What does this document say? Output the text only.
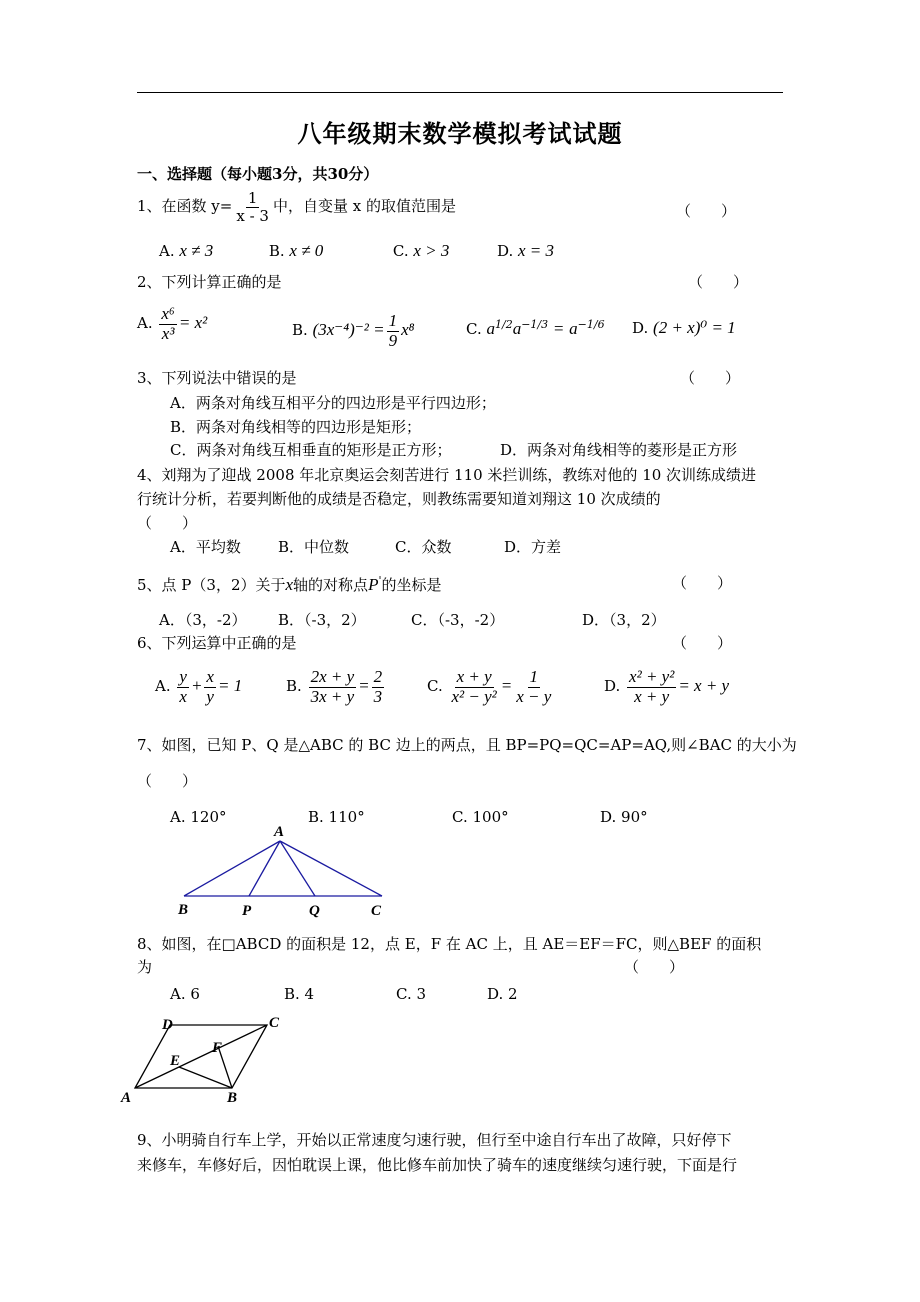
八年级期末数学模拟考试试题
一、选择题（每小题3分，共30分）
1、在函数 $y= \frac{1}{x - 3}$ 中，自变量 x 的取值范围是	（　　）
A. x ≠ 3	B. x ≠ 0	C. x > 3	D. x = 3
2、下列计算正确的是	（　　）
A. $\frac{\text{x⁶}}{\text{x³}} = x^2$	B. $(3x^{-4})^{-2} = \frac{1}{9} x^8$	C. $a^{1/2}a^{-1/3} = a^{-1/6}$ D. (2 + x)⁰ = 1
3、下列说法中错误的是	（　　）
A．两条对角线互相平分的四边形是平行四边形；
B．两条对角线相等的四边形是矩形；
C．两条对角线互相垂直的矩形是正方形；	D．两条对角线相等的菱形是正方形
4、刘翔为了迎战 2008 年北京奥运会刻苦进行 110 米拦训练，教练对他的 10 次训练成绩进
行统计分析，若要判断他的成绩是否稳定，则教练需要知道刘翔这 10 次成绩的
（　　）
A．平均数 B．中位数	C．众数	D．方差
5、点 P（3，2）关于x轴的对称点P'的坐标是	（　　）
A．（3，-2） B．（-3，2）	C．（-3，-2）	D．（3，2）
6、下列运算中正确的是	（　　）
A. $\frac{y}{x} + \frac{x}{y} = 1$	B. $\frac{2x + y}{3x + y} = \frac{2}{3}$	C. $\frac{x + y}{\text{x² − y²}} = \frac{1}{x - y}$	D. $\frac{\text{x² + y²}}{x + y} = x + y$
7、如图，已知 P、Q 是△ABC 的 BC 边上的两点，且 BP=PQ=QC=AP=AQ,则∠BAC 的大小为
（　　）
A. 120°	B. 110°	C. 100°	D. 90°
A
B	P	Q	C
8、如图，在□ABCD 的面积是 12，点 E，F 在 AC 上，且 AE＝EF＝FC，则△BEF 的面积
为	（　　）
A. 6	B. 4	C. 3	D. 2
A	B
C
D
E
F
9、小明骑自行车上学，开始以正常速度匀速行驶，但行至中途自行车出了故障，只好停下
来修车，车修好后，因怕耽误上课，他比修车前加快了骑车的速度继续匀速行驶，下面是行
